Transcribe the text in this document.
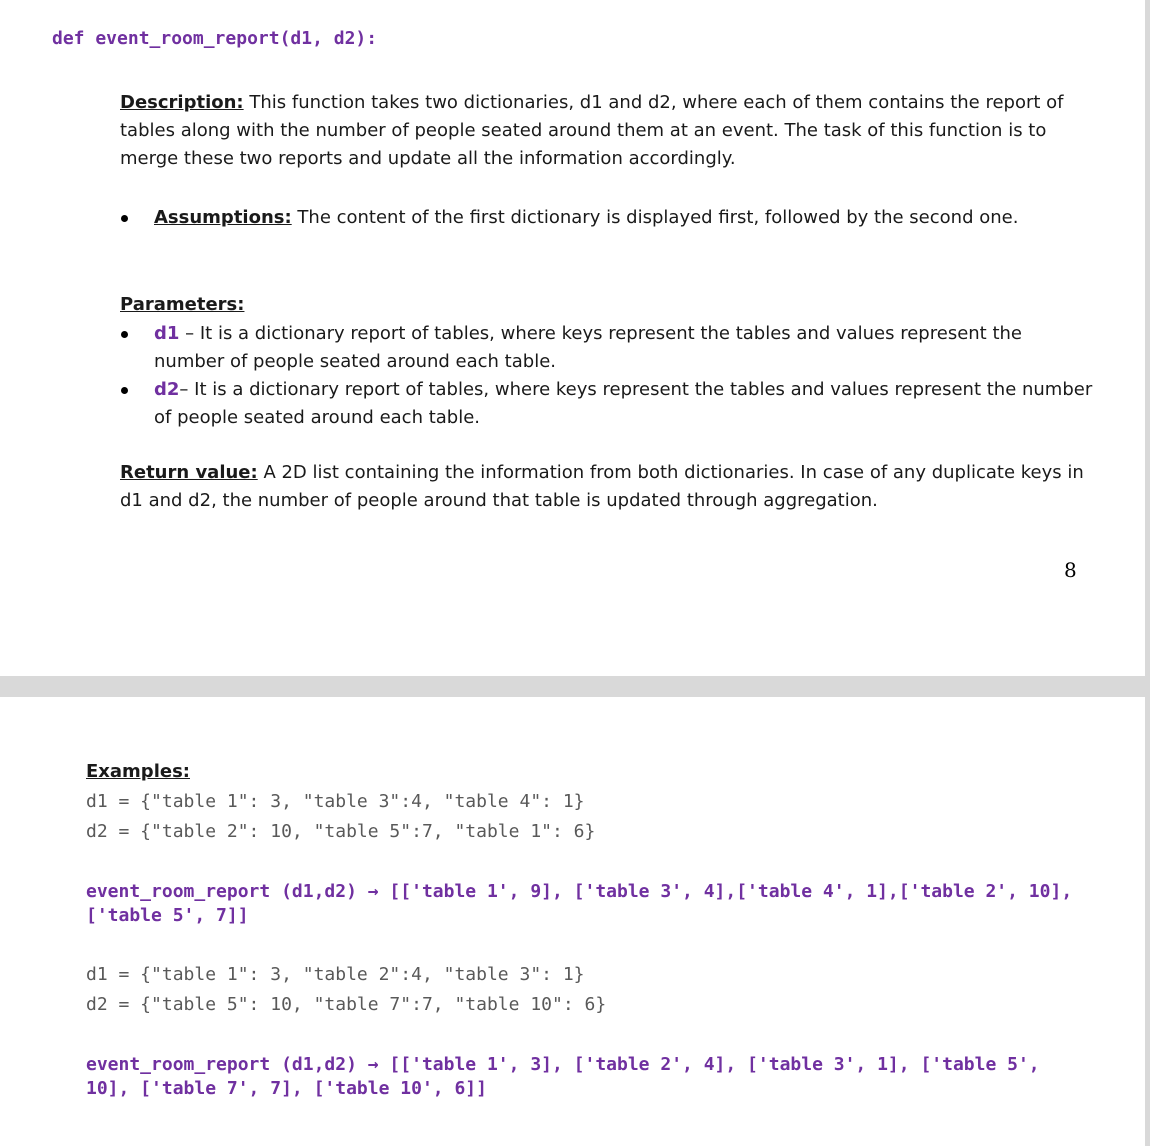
def event_room_report(d1, d2):
Description: This function takes two dictionaries, d1 and d2, where each of them contains the report of tables along with the number of people seated around them at an event. The task of this function is to merge these two reports and update all the information accordingly.
Assumptions: The content of the first dictionary is displayed first, followed by the second one.
Parameters:
d1 – It is a dictionary report of tables, where keys represent the tables and values represent the number of people seated around each table.
d2– It is a dictionary report of tables, where keys represent the tables and values represent the number of people seated around each table.
Return value: A 2D list containing the information from both dictionaries. In case of any duplicate keys in d1 and d2, the number of people around that table is updated through aggregation.
8
Examples:
d1 = {"table 1": 3, "table 3":4, "table 4": 1}
d2 = {"table 2": 10, "table 5":7, "table 1": 6}
event_room_report (d1,d2) → [['table 1', 9], ['table 3', 4],['table 4', 1],['table 2', 10],['table 5', 7]]
d1 = {"table 1": 3, "table 2":4, "table 3": 1}
d2 = {"table 5": 10, "table 7":7, "table 10": 6}
event_room_report (d1,d2) → [['table 1', 3], ['table 2', 4], ['table 3', 1], ['table 5', 10], ['table 7', 7], ['table 10', 6]]
